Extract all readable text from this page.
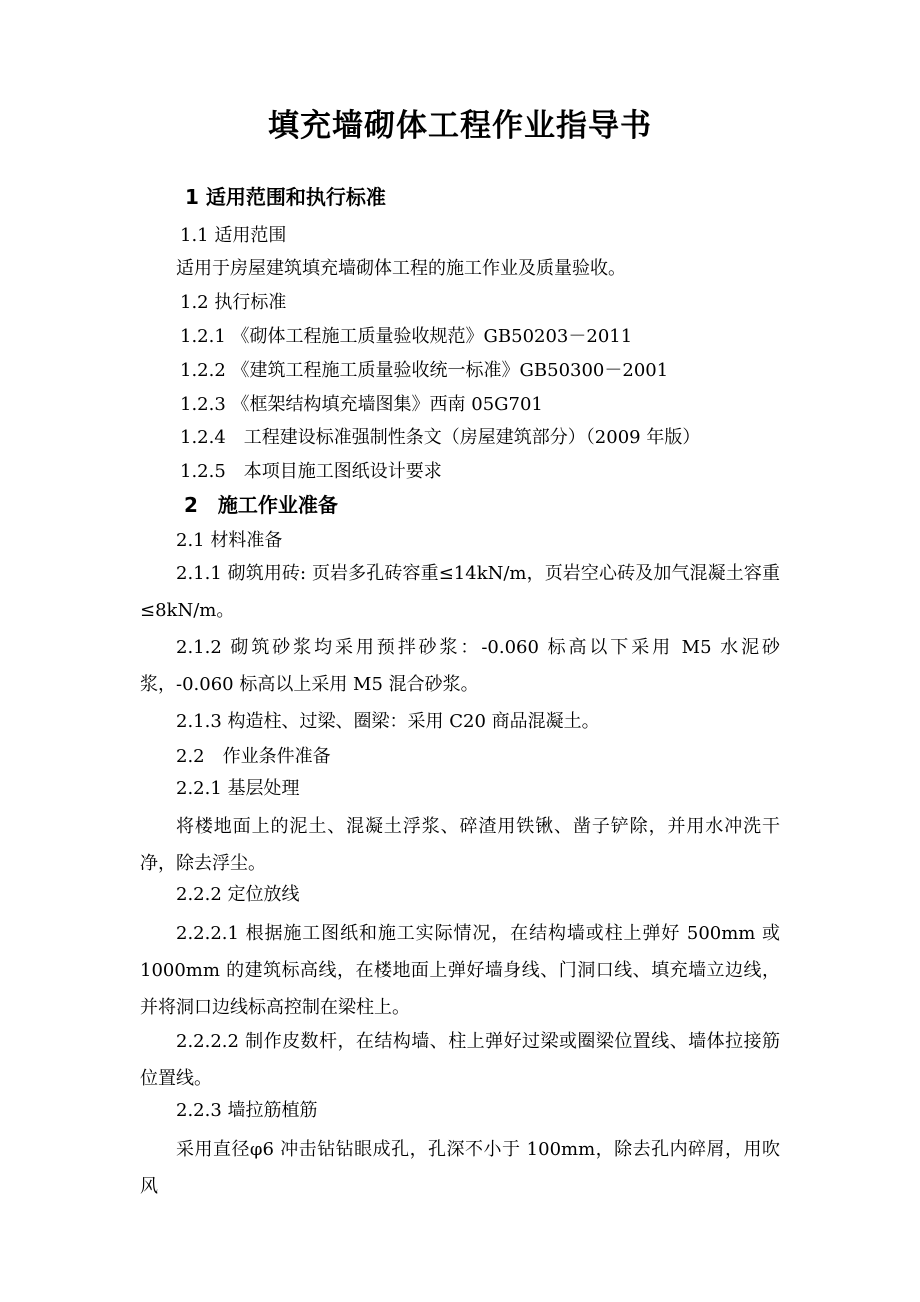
填充墙砌体工程作业指导书
1 适用范围和执行标准
1.1 适用范围
适用于房屋建筑填充墙砌体工程的施工作业及质量验收。
1.2 执行标准
1.2.1 《砌体工程施工质量验收规范》GB50203－2011
1.2.2 《建筑工程施工质量验收统一标准》GB50300－2001
1.2.3 《框架结构填充墙图集》西南 05G701
1.2.4　工程建设标准强制性条文（房屋建筑部分）（2009 年版）
1.2.5　本项目施工图纸设计要求
2　施工作业准备
2.1 材料准备
2.1.1 砌筑用砖: 页岩多孔砖容重≤14kN/m，页岩空心砖及加气混凝土容重≤8kN/m。
2.1.2 砌筑砂浆均采用预拌砂浆：-0.060 标高以下采用 M5 水泥砂浆，-0.060 标高以上采用 M5 混合砂浆。
2.1.3 构造柱、过梁、圈梁：采用 C20 商品混凝土。
2.2　作业条件准备
2.2.1 基层处理
将楼地面上的泥土、混凝土浮浆、碎渣用铁锹、凿子铲除，并用水冲洗干净，除去浮尘。
2.2.2 定位放线
2.2.2.1 根据施工图纸和施工实际情况，在结构墙或柱上弹好 500mm 或 1000mm 的建筑标高线，在楼地面上弹好墙身线、门洞口线、填充墙立边线，并将洞口边线标高控制在梁柱上。
2.2.2.2 制作皮数杆，在结构墙、柱上弹好过梁或圈梁位置线、墙体拉接筋位置线。
2.2.3 墙拉筋植筋
采用直径φ6 冲击钻钻眼成孔，孔深不小于 100mm，除去孔内碎屑，用吹风
